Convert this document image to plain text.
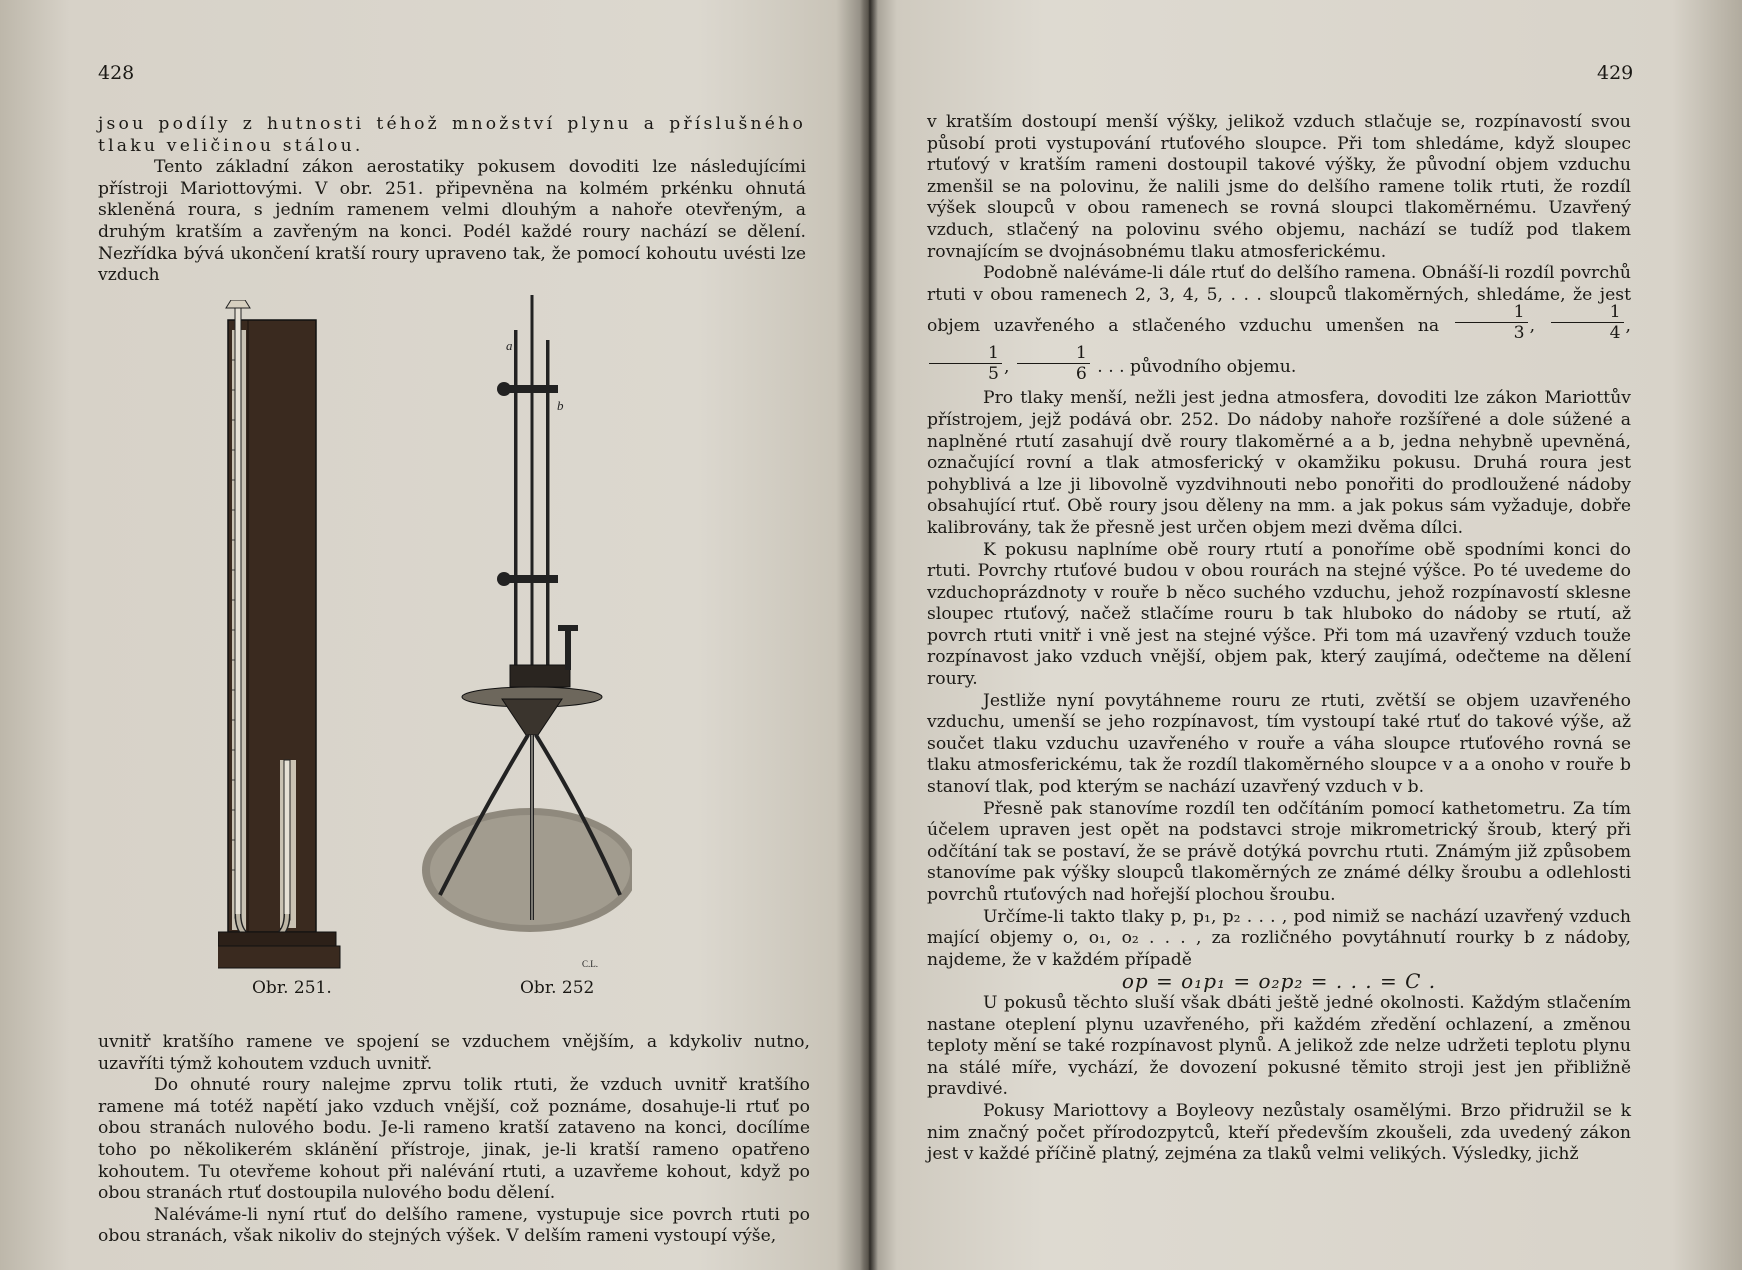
428

jsou podíly z hutnosti téhož množství plynu a příslušného tlaku veličinou stálou.

Tento základní zákon aerostatiky pokusem dovoditi lze následujícími přístroji Mariottovými. V obr. 251. připevněna na kolmém prkénku ohnutá skleněná roura, s jedním ramenem velmi dlouhým a nahoře otevřeným, a druhým kratším a zavřeným na konci. Podél každé roury nachází se dělení. Nezřídka bývá ukončení kratší roury upraveno tak, že pomocí kohoutu uvésti lze vzduch

Obr. 251.
a
b
C.L.
Obr. 252

uvnitř kratšího ramene ve spojení se vzduchem vnějším, a kdykoliv nutno, uzavříti týmž kohoutem vzduch uvnitř.

Do ohnuté roury nalejme zprvu tolik rtuti, že vzduch uvnitř kratšího ramene má totéž napětí jako vzduch vnější, což poznáme, dosahuje-li rtuť po obou stranách nulového bodu. Je-li rameno kratší zataveno na konci, docílíme toho po několikerém sklánění přístroje, jinak, je-li kratší rameno opatřeno kohoutem. Tu otevřeme kohout při nalévání rtuti, a uzavřeme kohout, když po obou stranách rtuť dostoupila nulového bodu dělení.

Naléváme-li nyní rtuť do delšího ramene, vystupuje sice povrch rtuti po obou stranách, však nikoliv do stejných výšek. V delším rameni vystoupí výše,

429

v kratším dostoupí menší výšky, jelikož vzduch stlačuje se, rozpínavostí svou působí proti vystupování rtuťového sloupce. Při tom shledáme, když sloupec rtuťový v kratším rameni dostoupil takové výšky, že původní objem vzduchu zmenšil se na polovinu, že nalili jsme do delšího ramene tolik rtuti, že rozdíl výšek sloupců v obou ramenech se rovná sloupci tlakoměrnému. Uzavřený vzduch, stlačený na polovinu svého objemu, nachází se tudíž pod tlakem rovnajícím se dvojnásobnému tlaku atmosferickému.

Podobně naléváme-li dále rtuť do delšího ramena. Obnáší-li rozdíl povrchů rtuti v obou ramenech 2, 3, 4, 5, . . . sloupců tlakoměrných, shledáme, že jest objem uzavřeného a stlačeného vzduchu umenšen na $\frac{1}{3}$ , $\frac{1}{4}$ ,
$\frac{1}{5}$ , $\frac{1}{6}$ . . . původního objemu.

Pro tlaky menší, nežli jest jedna atmosfera, dovoditi lze zákon Mariottův přístrojem, jejž podává obr. 252. Do nádoby nahoře rozšířené a dole súžené a naplněné rtutí zasahují dvě roury tlakoměrné a a b, jedna nehybně upevněná, označující rovní a tlak atmosferický v okamžiku pokusu. Druhá roura jest pohyblivá a lze ji libovolně vyzdvihnouti nebo ponořiti do prodloužené nádoby obsahující rtuť. Obě roury jsou děleny na mm. a jak pokus sám vyžaduje, dobře kalibrovány, tak že přesně jest určen objem mezi dvěma dílci.

K pokusu naplníme obě roury rtutí a ponoříme obě spodními konci do rtuti. Povrchy rtuťové budou v obou rourách na stejné výšce. Po té uvedeme do vzduchoprázdnoty v rouře b něco suchého vzduchu, jehož rozpínavostí sklesne sloupec rtuťový, načež stlačíme rouru b tak hluboko do nádoby se rtutí, až povrch rtuti vnitř i vně jest na stejné výšce. Při tom má uzavřený vzduch touže rozpínavost jako vzduch vnější, objem pak, který zaujímá, odečteme na dělení roury.

Jestliže nyní povytáhneme rouru ze rtuti, zvětší se objem uzavřeného vzduchu, umenší se jeho rozpínavost, tím vystoupí také rtuť do takové výše, až součet tlaku vzduchu uzavřeného v rouře a váha sloupce rtuťového rovná se tlaku atmosferickému, tak že rozdíl tlakoměrného sloupce v a a onoho v rouře b stanoví tlak, pod kterým se nachází uzavřený vzduch v b.

Přesně pak stanovíme rozdíl ten odčítáním pomocí kathetometru. Za tím účelem upraven jest opět na podstavci stroje mikrometrický šroub, který při odčítání tak se postaví, že se právě dotýká povrchu rtuti. Známým již způsobem stanovíme pak výšky sloupců tlakoměrných ze známé délky šroubu a odlehlosti povrchů rtuťových nad hořejší plochou šroubu.

Určíme-li takto tlaky p, p₁, p₂ . . . , pod nimiž se nachází uzavřený vzduch mající objemy o, o₁, o₂ . . . , za rozličného povytáhnutí rourky b z nádoby, najdeme, že v každém případě

op = o₁p₁ = o₂p₂ = . . . = C .

U pokusů těchto sluší však dbáti ještě jedné okolnosti. Každým stlačením nastane oteplení plynu uzavřeného, při každém zředění ochlazení, a změnou teploty mění se také rozpínavost plynů. A jelikož zde nelze udržeti teplotu plynu na stálé míře, vychází, že dovození pokusné těmito stroji jest jen přibližně pravdivé.

Pokusy Mariottovy a Boyleovy nezůstaly osamělými. Brzo přidružil se k nim značný počet přírodozpytců, kteří především zkoušeli, zda uvedený zákon jest v každé příčině platný, zejména za tlaků velmi velikých. Výsledky, jichž
